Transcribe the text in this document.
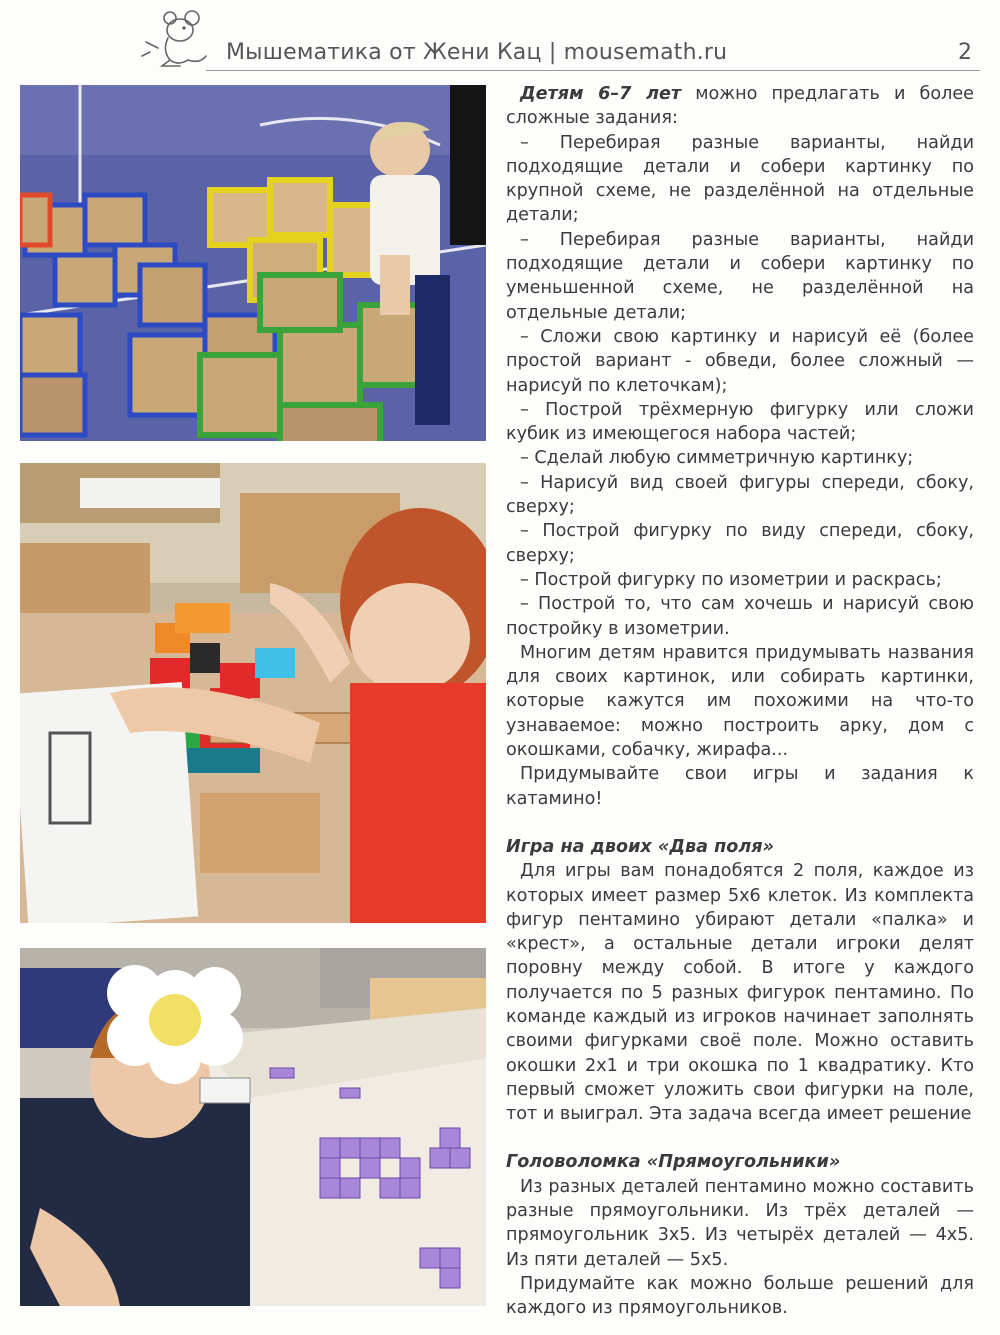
Мышематика от Жени Кац | mousemath.ru	2

Детям 6–7 лет можно предлагать и более сложные задания:

– Перебирая разные варианты, найди подходящие детали и собери картинку по крупной схеме, не разделённой на отдельные детали;

– Перебирая разные варианты, найди подходящие детали и собери картинку по уменьшенной схеме, не разделённой на отдельные детали;

– Сложи свою картинку и нарисуй её (более простой вариант - обведи, более сложный — нарисуй по клеточкам);

– Построй трёхмерную фигурку или сложи кубик из имеющегося набора частей;

– Сделай любую симметричную картинку;

– Нарисуй вид своей фигуры спереди, сбоку, сверху;

– Построй фигурку по виду спереди, сбоку, сверху;

– Построй фигурку по изометрии и раскрась;

– Построй то, что сам хочешь и нарисуй свою постройку в изометрии.

Многим детям нравится придумывать названия для своих картинок, или собирать картинки, которые кажутся им похожими на что-то узнаваемое: можно построить арку, дом с окошками, собачку, жирафа...

Придумывайте свои игры и задания к катамино!

Игра на двоих «Два поля»

Для игры вам понадобятся 2 поля, каждое из которых имеет размер 5х6 клеток. Из комплекта фигур пентамино убирают детали «палка» и «крест», а остальные детали игроки делят поровну между собой. В итоге у каждого получается по 5 разных фигурок пентамино. По команде каждый из игроков начинает заполнять своими фигурками своё поле. Можно оставить окошки 2х1 и три окошка по 1 квадратику. Кто первый сможет уложить свои фигурки на поле, тот и выиграл. Эта задача всегда имеет решение

Головоломка «Прямоугольники»

Из разных деталей пентамино можно составить разные прямоугольники. Из трёх деталей — прямоугольник 3х5. Из четырёх деталей — 4х5. Из пяти деталей — 5х5.

Придумайте как можно больше решений для каждого из прямоугольников.
